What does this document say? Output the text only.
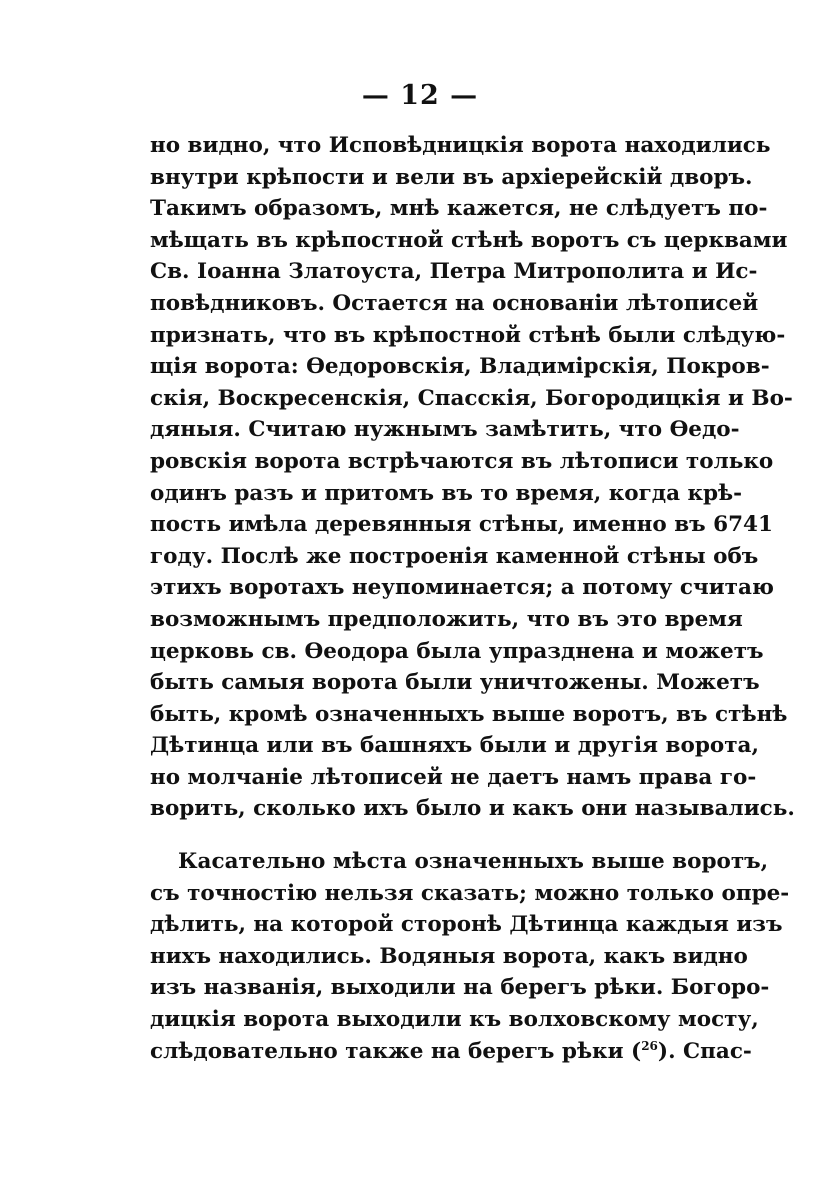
— 12 —
но видно, что Исповѣдницкія ворота находились
внутри крѣпости и вели въ архіерейскій дворъ.
Такимъ образомъ, мнѣ кажется, не слѣдуетъ по-
мѣщать въ крѣпостной стѣнѣ воротъ съ церквами
Св. Іоанна Златоуста, Петра Митрополита и Ис-
повѣдниковъ. Остается на основаніи лѣтописей
признать, что въ крѣпостной стѣнѣ были слѣдую-
щія ворота: Ѳедоровскія, Владимірскія, Покров-
скія, Воскресенскія, Спасскія, Богородицкія и Во-
дяныя. Считаю нужнымъ замѣтить, что Ѳедо-
ровскія ворота встрѣчаются въ лѣтописи только
одинъ разъ и притомъ въ то время, когда крѣ-
пость имѣла деревянныя стѣны, именно въ 6741
году. Послѣ же построенія каменной стѣны объ
этихъ воротахъ неупоминается; а потому считаю
возможнымъ предположить, что въ это время
церковь св. Ѳеодора была упразднена и можетъ
быть самыя ворота были уничтожены. Можетъ
быть, кромѣ означенныхъ выше воротъ, въ стѣнѣ
Дѣтинца или въ башняхъ были и другія ворота,
но молчаніе лѣтописей не даетъ намъ права го-
ворить, сколько ихъ было и какъ они назывались.
Касательно мѣста означенныхъ выше воротъ,
съ точностію нельзя сказать; можно только опре-
дѣлить, на которой сторонѣ Дѣтинца каждыя изъ
нихъ находились. Водяныя ворота, какъ видно
изъ названія, выходили на берегъ рѣки. Богоро-
дицкія ворота выходили къ волховскому мосту,
слѣдовательно также на берегъ рѣки ($^{26}$). Спас-
